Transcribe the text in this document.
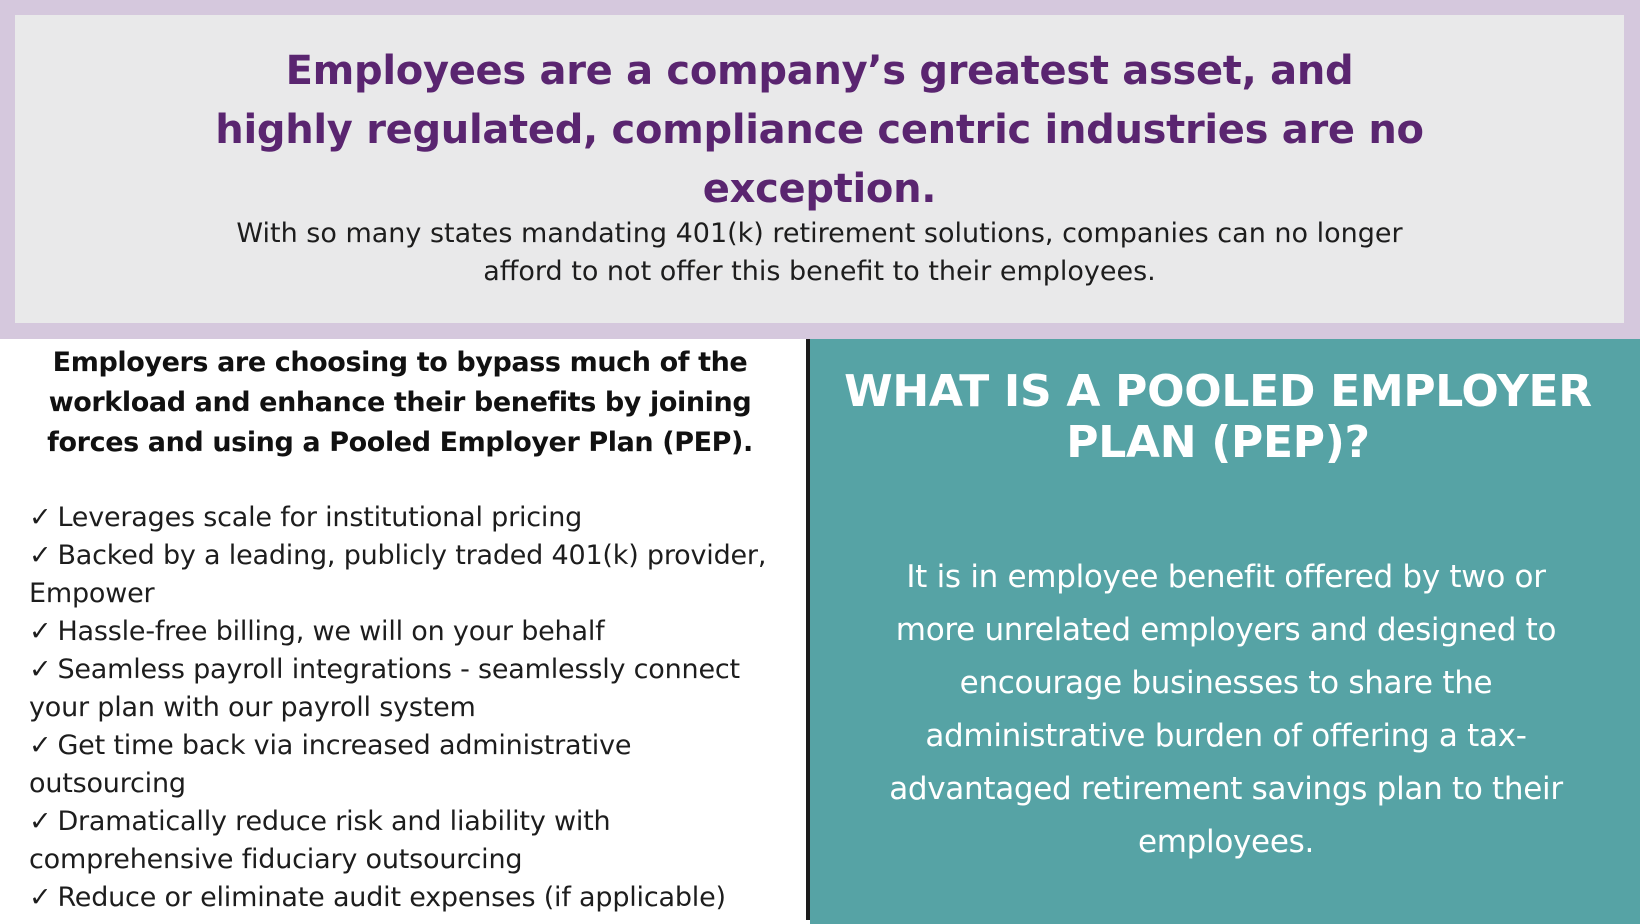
Employees are a company’s greatest asset, and highly regulated, compliance centric industries are no exception.

With so many states mandating 401(k) retirement solutions, companies can no longer afford to not offer this benefit to their employees.

Employers are choosing to bypass much of the workload and enhance their benefits by joining forces and using a Pooled Employer Plan (PEP).
✓ Leverages scale for institutional pricing
✓ Backed by a leading, publicly traded 401(k) provider, Empower
✓ Hassle-free billing, we will on your behalf
✓ Seamless payroll integrations - seamlessly connect your plan with our payroll system
✓ Get time back via increased administrative outsourcing
✓ Dramatically reduce risk and liability with comprehensive fiduciary outsourcing
✓ Reduce or eliminate audit expenses (if applicable)
WHAT IS A POOLED EMPLOYER PLAN (PEP)?

It is in employee benefit offered by two or more unrelated employers and designed to encourage businesses to share the administrative burden of offering a tax-advantaged retirement savings plan to their employees.
